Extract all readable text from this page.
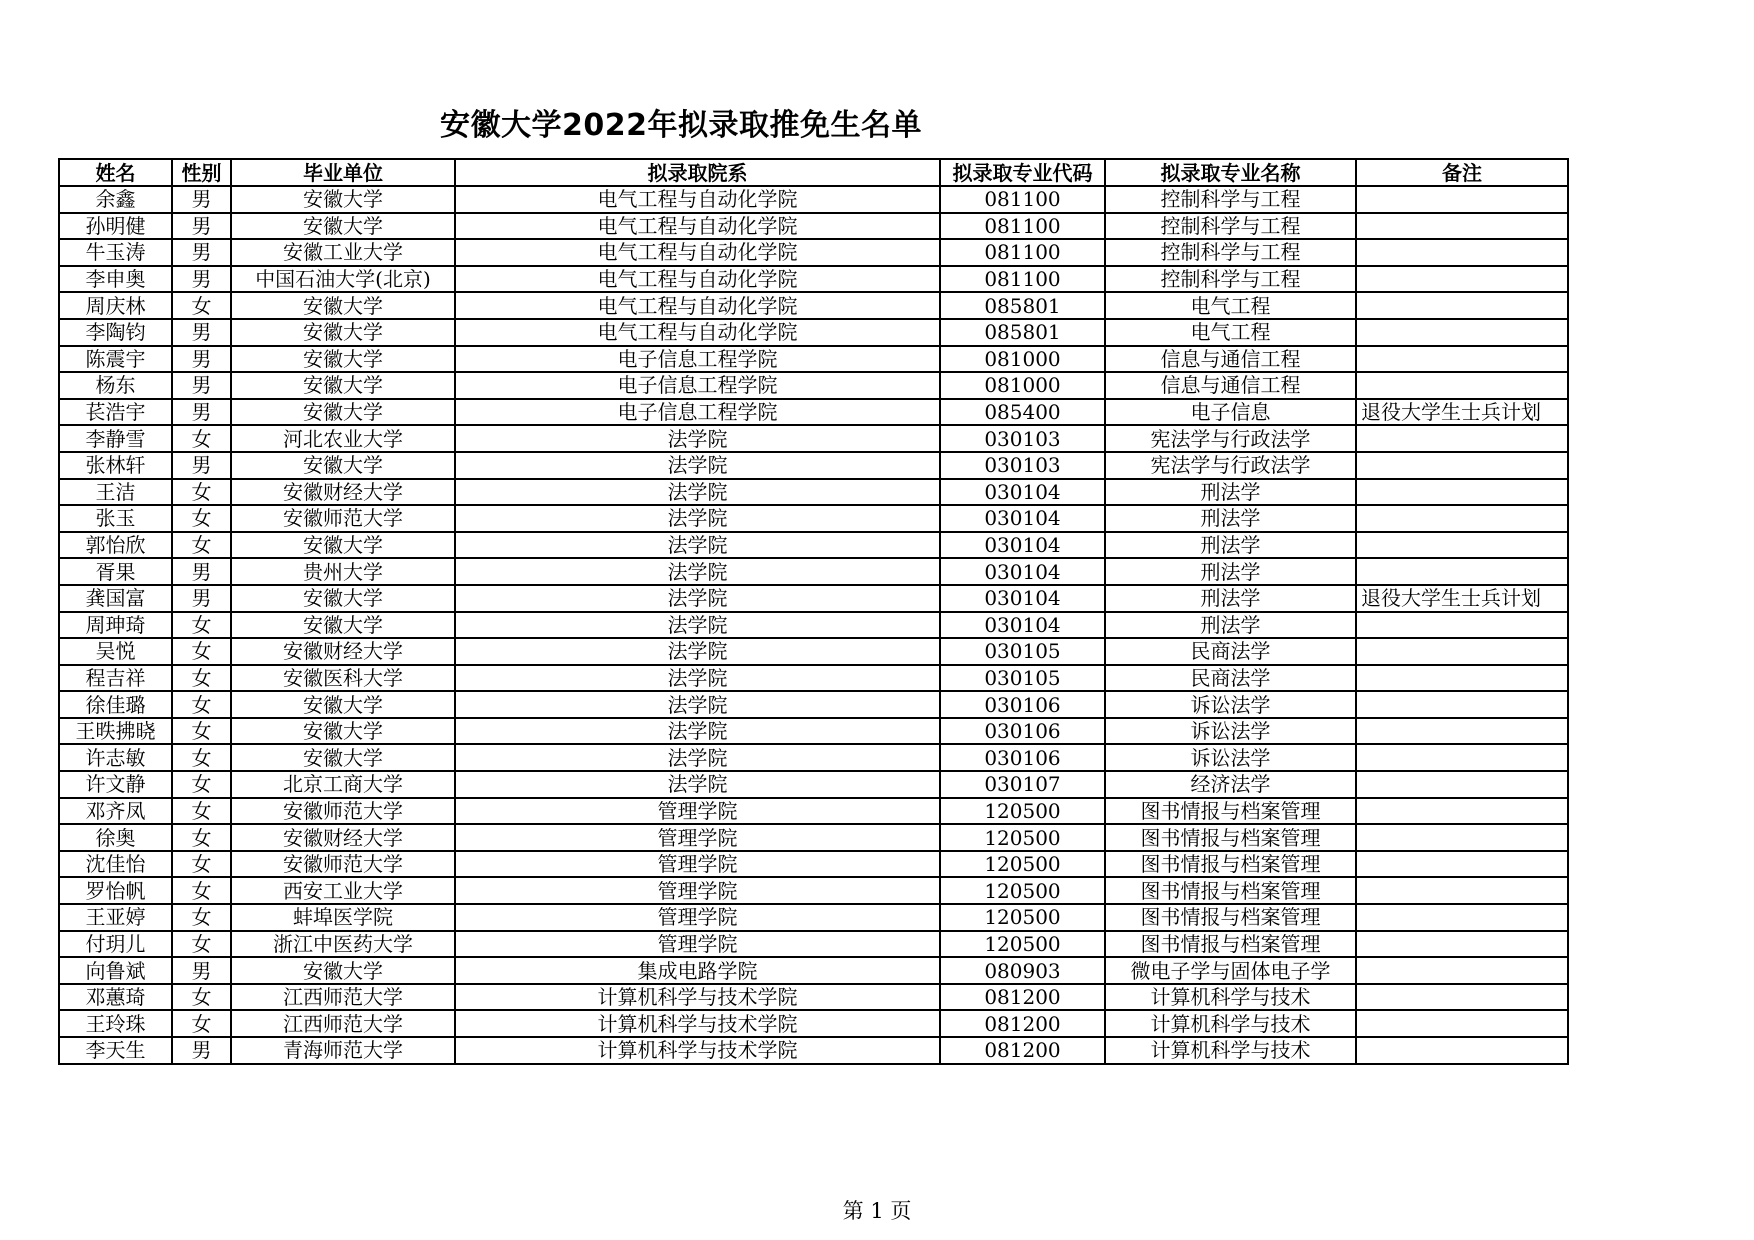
安徽大学2022年拟录取推免生名单
姓名	性别	毕业单位	拟录取院系	拟录取专业代码	拟录取专业名称	备注
余鑫	男	安徽大学	电气工程与自动化学院	081100	控制科学与工程	
孙明健	男	安徽大学	电气工程与自动化学院	081100	控制科学与工程	
牛玉涛	男	安徽工业大学	电气工程与自动化学院	081100	控制科学与工程	
李申奥	男	中国石油大学(北京)	电气工程与自动化学院	081100	控制科学与工程	
周庆林	女	安徽大学	电气工程与自动化学院	085801	电气工程	
李陶钧	男	安徽大学	电气工程与自动化学院	085801	电气工程	
陈震宇	男	安徽大学	电子信息工程学院	081000	信息与通信工程	
杨东	男	安徽大学	电子信息工程学院	081000	信息与通信工程	
苌浩宇	男	安徽大学	电子信息工程学院	085400	电子信息	退役大学生士兵计划
李静雪	女	河北农业大学	法学院	030103	宪法学与行政法学	
张林轩	男	安徽大学	法学院	030103	宪法学与行政法学	
王洁	女	安徽财经大学	法学院	030104	刑法学	
张玉	女	安徽师范大学	法学院	030104	刑法学	
郭怡欣	女	安徽大学	法学院	030104	刑法学	
胥果	男	贵州大学	法学院	030104	刑法学	
龚国富	男	安徽大学	法学院	030104	刑法学	退役大学生士兵计划
周珅琦	女	安徽大学	法学院	030104	刑法学	
吴悦	女	安徽财经大学	法学院	030105	民商法学	
程吉祥	女	安徽医科大学	法学院	030105	民商法学	
徐佳璐	女	安徽大学	法学院	030106	诉讼法学	
王昳拂晓	女	安徽大学	法学院	030106	诉讼法学	
许志敏	女	安徽大学	法学院	030106	诉讼法学	
许文静	女	北京工商大学	法学院	030107	经济法学	
邓齐凤	女	安徽师范大学	管理学院	120500	图书情报与档案管理	
徐奥	女	安徽财经大学	管理学院	120500	图书情报与档案管理	
沈佳怡	女	安徽师范大学	管理学院	120500	图书情报与档案管理	
罗怡帆	女	西安工业大学	管理学院	120500	图书情报与档案管理	
王亚婷	女	蚌埠医学院	管理学院	120500	图书情报与档案管理	
付玥儿	女	浙江中医药大学	管理学院	120500	图书情报与档案管理	
向鲁斌	男	安徽大学	集成电路学院	080903	微电子学与固体电子学	
邓蕙琦	女	江西师范大学	计算机科学与技术学院	081200	计算机科学与技术	
王玲珠	女	江西师范大学	计算机科学与技术学院	081200	计算机科学与技术	
李天生	男	青海师范大学	计算机科学与技术学院	081200	计算机科学与技术	
第 1 页
